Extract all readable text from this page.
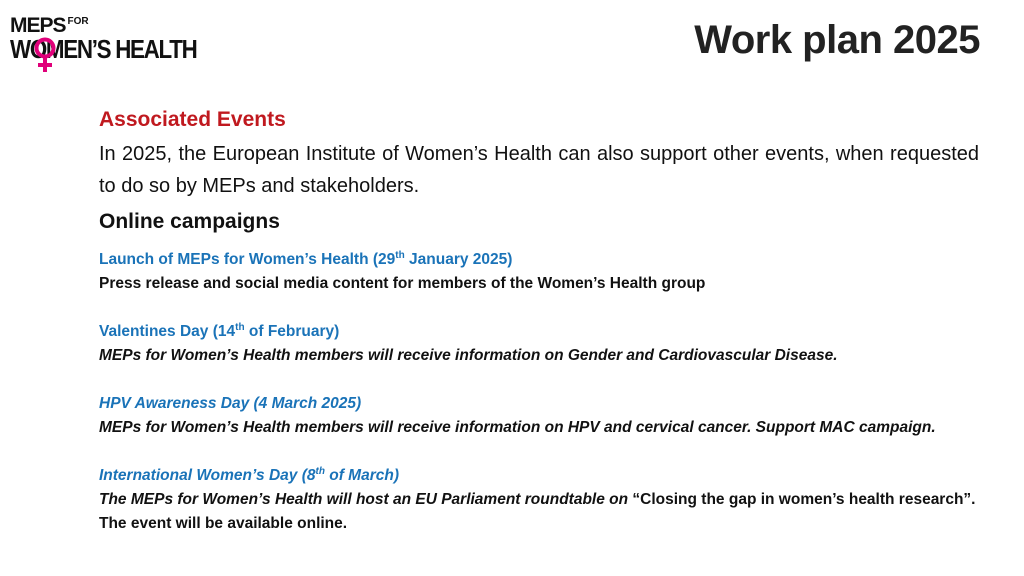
MEPS FOR
WOMEN’S HEALTH	Work plan 2025
Associated Events
In 2025, the European Institute of Women’s Health can also support other events, when requested to do so by MEPs and stakeholders.
Online campaigns
Launch of MEPs for Women’s Health (29th January 2025)
Press release and social media content for members of the Women’s Health group
Valentines Day (14th of February)
MEPs for Women’s Health members will receive information on Gender and Cardiovascular Disease.
HPV Awareness Day (4 March 2025)
MEPs for Women’s Health members will receive information on HPV and cervical cancer. Support MAC campaign.
International Women’s Day (8th of March)
The MEPs for Women’s Health will host an EU Parliament roundtable on “Closing the gap in women’s health research”. The event will be available online.
